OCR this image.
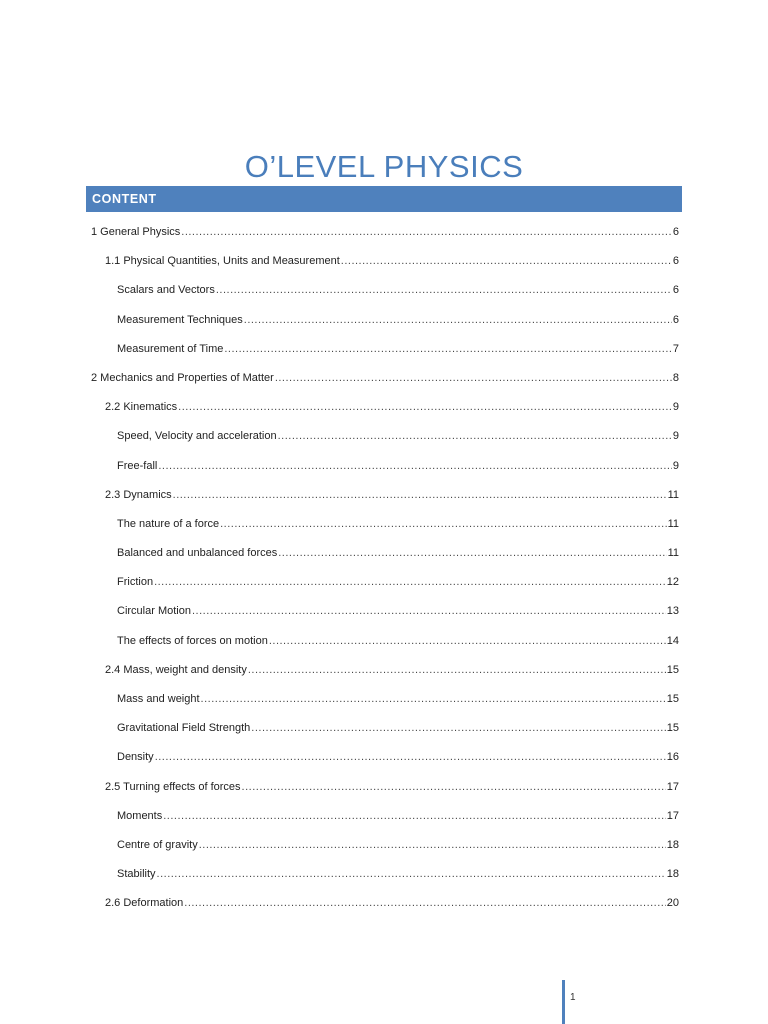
O’LEVEL PHYSICS
CONTENT
1 General Physics .....	6
1.1 Physical Quantities, Units and Measurement .....	6
Scalars and Vectors .....	6
Measurement Techniques .....	6
Measurement of Time .....	7
2 Mechanics and Properties of Matter .....	8
2.2 Kinematics .....	9
Speed, Velocity and acceleration .....	9
Free-fall .....	9
2.3 Dynamics .....	11
The nature of a force .....	11
Balanced and unbalanced forces .....	11
Friction .....	12
Circular Motion .....	13
The effects of forces on motion .....	14
2.4 Mass, weight and density .....	15
Mass and weight .....	15
Gravitational Field Strength .....	15
Density .....	16
2.5 Turning effects of forces .....	17
Moments .....	17
Centre of gravity .....	18
Stability .....	18
2.6 Deformation .....	20
1
